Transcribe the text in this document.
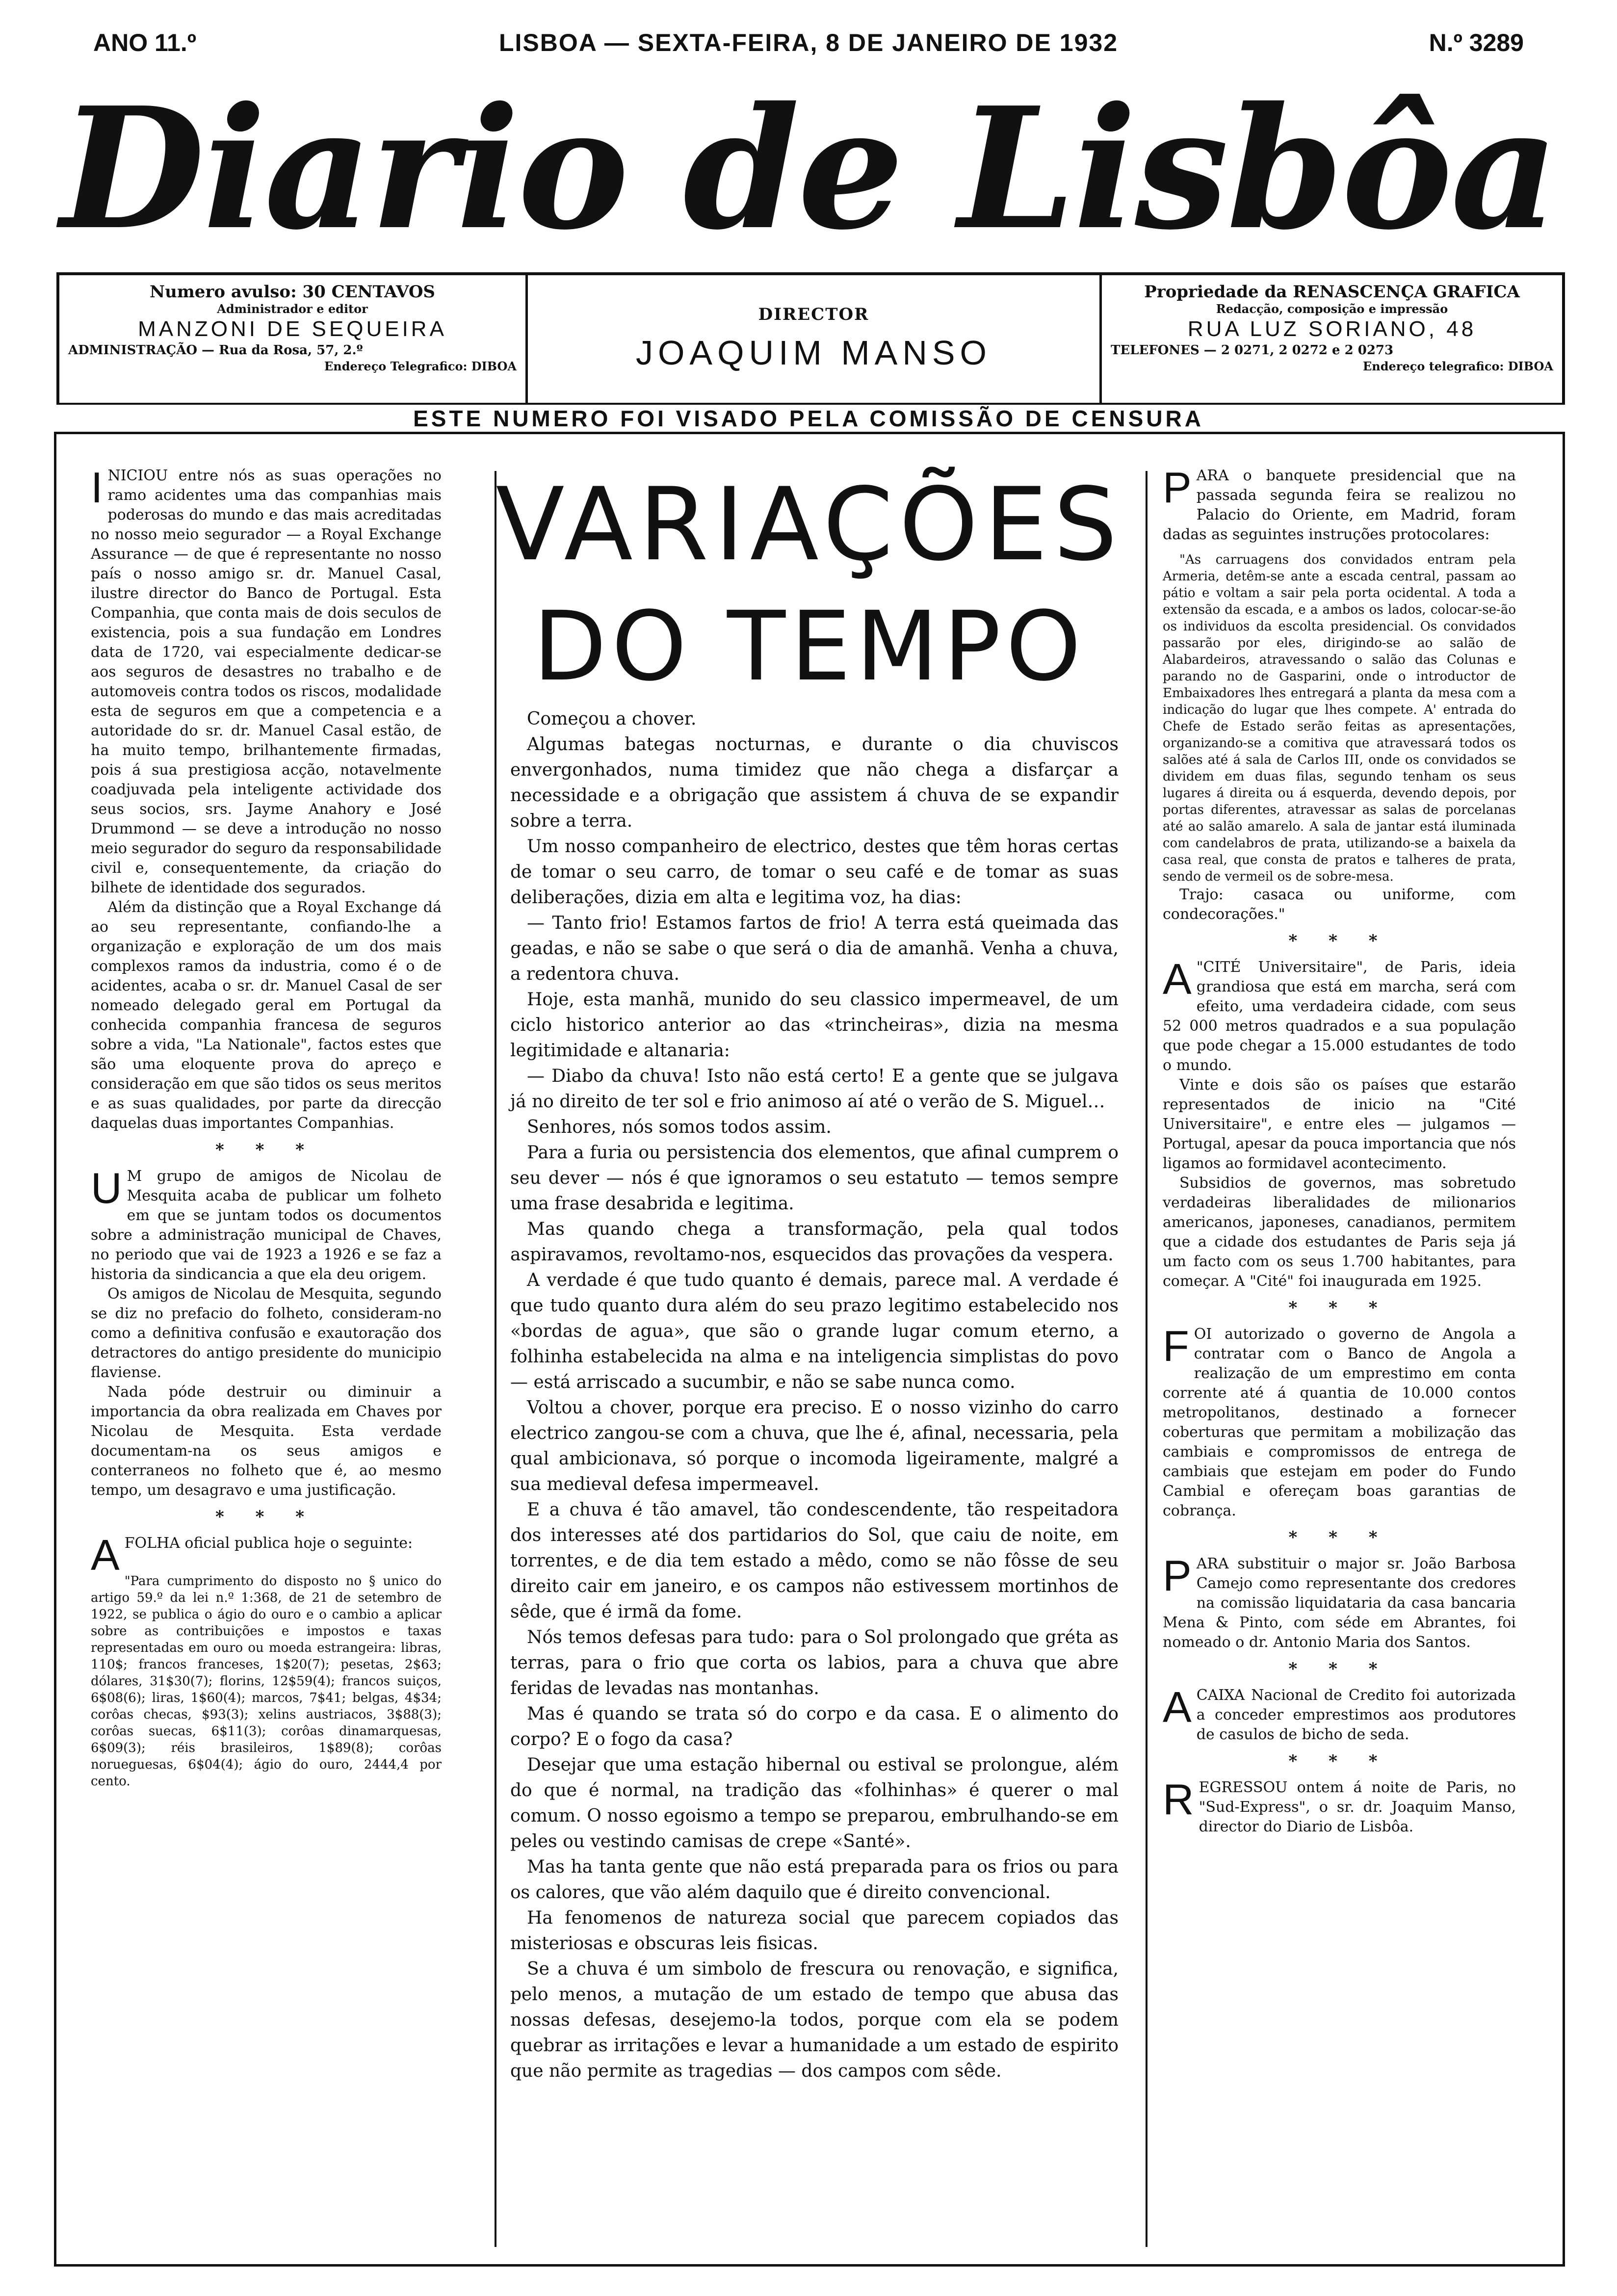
ANO 11.º	LISBOA — SEXTA-FEIRA, 8 DE JANEIRO DE 1932	N.º 3289
Diario de Lisbôa
Numero avulso: 30 CENTAVOS
Administrador e editor
MANZONI DE SEQUEIRA
ADMINISTRAÇÃO — Rua da Rosa, 57, 2.º
Endereço Telegrafico: DIBOA
DIRECTOR
JOAQUIM MANSO
Propriedade da RENASCENÇA GRAFICA
Redacção, composição e impressão
RUA LUZ SORIANO, 48
TELEFONES — 2 0271, 2 0272 e 2 0273
Endereço telegrafico: DIBOA
ESTE NUMERO FOI VISADO PELA COMISSÃO DE CENSURA

INICIOU entre nós as suas operações no ramo acidentes uma das companhias mais poderosas do mundo e das mais acreditadas no nosso meio segurador — a Royal Exchange Assurance — de que é representante no nosso país o nosso amigo sr. dr. Manuel Casal, ilustre director do Banco de Portugal. Esta Companhia, que conta mais de dois seculos de existencia, pois a sua fundação em Londres data de 1720, vai especialmente dedicar-se aos seguros de desastres no trabalho e de automoveis contra todos os riscos, modalidade esta de seguros em que a competencia e a autoridade do sr. dr. Manuel Casal estão, de ha muito tempo, brilhantemente firmadas, pois á sua prestigiosa acção, notavelmente coadjuvada pela inteligente actividade dos seus socios, srs. Jayme Anahory e José Drummond — se deve a introdução no nosso meio segurador do seguro da responsabilidade civil e, consequentemente, da criação do bilhete de identidade dos segurados.

Além da distinção que a Royal Exchange dá ao seu representante, confiando-lhe a organização e exploração de um dos mais complexos ramos da industria, como é o de acidentes, acaba o sr. dr. Manuel Casal de ser nomeado delegado geral em Portugal da conhecida companhia francesa de seguros sobre a vida, "La Nationale", factos estes que são uma eloquente prova do apreço e consideração em que são tidos os seus meritos e as suas qualidades, por parte da direcção daquelas duas importantes Companhias.

* * *

U M grupo de amigos de Nicolau de Mesquita acaba de publicar um folheto em que se juntam todos os documentos sobre a administração municipal de Chaves, no periodo que vai de 1923 a 1926 e se faz a historia da sindicancia a que ela deu origem.

Os amigos de Nicolau de Mesquita, segundo se diz no prefacio do folheto, consideram-no como a definitiva confusão e exautoração dos detractores do antigo presidente do municipio flaviense.

Nada póde destruir ou diminuir a importancia da obra realizada em Chaves por Nicolau de Mesquita. Esta verdade documentam-na os seus amigos e conterraneos no folheto que é, ao mesmo tempo, um desagravo e uma justificação.

* * *

AFOLHA oficial publica hoje o seguinte:

"Para cumprimento do disposto no § unico do artigo 59.º da lei n.º 1:368, de 21 de setembro de 1922, se publica o ágio do ouro e o cambio a aplicar sobre as contribuições e impostos e taxas representadas em ouro ou moeda estrangeira: libras, 110$; francos franceses, 1$20(7); pesetas, 2$63; dólares, 31$30(7); florins, 12$59(4); francos suiços, 6$08(6); liras, 1$60(4); marcos, 7$41; belgas, 4$34; corôas checas, $93(3); xelins austriacos, 3$88(3); corôas suecas, 6$11(3); corôas dinamarquesas, 6$09(3); réis brasileiros, 1$89(8); corôas norueguesas, 6$04(4); ágio do ouro, 2444,4 por cento.

VARIAÇÕES
DO TEMPO

Começou a chover.

Algumas bategas nocturnas, e durante o dia chuviscos envergonhados, numa timidez que não chega a disfarçar a necessidade e a obrigação que assistem á chuva de se expandir sobre a terra.

Um nosso companheiro de electrico, destes que têm horas certas de tomar o seu carro, de tomar o seu café e de tomar as suas deliberações, dizia em alta e legitima voz, ha dias:

— Tanto frio! Estamos fartos de frio! A terra está queimada das geadas, e não se sabe o que será o dia de amanhã. Venha a chuva, a redentora chuva.

Hoje, esta manhã, munido do seu classico impermeavel, de um ciclo historico anterior ao das «trincheiras», dizia na mesma legitimidade e altanaria:

— Diabo da chuva! Isto não está certo! E a gente que se julgava já no direito de ter sol e frio animoso aí até o verão de S. Miguel…

Senhores, nós somos todos assim.

Para a furia ou persistencia dos elementos, que afinal cumprem o seu dever — nós é que ignoramos o seu estatuto — temos sempre uma frase desabrida e legitima.

Mas quando chega a transformação, pela qual todos aspiravamos, revoltamo-nos, esquecidos das provações da vespera.

A verdade é que tudo quanto é demais, parece mal. A verdade é que tudo quanto dura além do seu prazo legitimo estabelecido nos «bordas de agua», que são o grande lugar comum eterno, a folhinha estabelecida na alma e na inteligencia simplistas do povo — está arriscado a sucumbir, e não se sabe nunca como.

Voltou a chover, porque era preciso. E o nosso vizinho do carro electrico zangou-se com a chuva, que lhe é, afinal, necessaria, pela qual ambicionava, só porque o incomoda ligeiramente, malgré a sua medieval defesa impermeavel.

E a chuva é tão amavel, tão condescendente, tão respeitadora dos interesses até dos partidarios do Sol, que caiu de noite, em torrentes, e de dia tem estado a mêdo, como se não fôsse de seu direito cair em janeiro, e os campos não estivessem mortinhos de sêde, que é irmã da fome.

Nós temos defesas para tudo: para o Sol prolongado que gréta as terras, para o frio que corta os labios, para a chuva que abre feridas de levadas nas montanhas.

Mas é quando se trata só do corpo e da casa. E o alimento do corpo? E o fogo da casa?

Desejar que uma estação hibernal ou estival se prolongue, além do que é normal, na tradição das «folhinhas» é querer o mal comum. O nosso egoismo a tempo se preparou, embrulhando-se em peles ou vestindo camisas de crepe «Santé».

Mas ha tanta gente que não está preparada para os frios ou para os calores, que vão além daquilo que é direito convencional.

Ha fenomenos de natureza social que parecem copiados das misteriosas e obscuras leis fisicas.

Se a chuva é um simbolo de frescura ou renovação, e significa, pelo menos, a mutação de um estado de tempo que abusa das nossas defesas, desejemo-la todos, porque com ela se podem quebrar as irritações e levar a humanidade a um estado de espirito que não permite as tragedias — dos campos com sêde.

PARA o banquete presidencial que na passada segunda feira se realizou no Palacio do Oriente, em Madrid, foram dadas as seguintes instruções protocolares:

"As carruagens dos convidados entram pela Armeria, detêm-se ante a escada central, passam ao pátio e voltam a sair pela porta ocidental. A toda a extensão da escada, e a ambos os lados, colocar-se-ão os individuos da escolta presidencial. Os convidados passarão por eles, dirigindo-se ao salão de Alabardeiros, atravessando o salão das Colunas e parando no de Gasparini, onde o introductor de Embaixadores lhes entregará a planta da mesa com a indicação do lugar que lhes compete. A' entrada do Chefe de Estado serão feitas as apresentações, organizando-se a comitiva que atravessará todos os salões até á sala de Carlos III, onde os convidados se dividem em duas filas, segundo tenham os seus lugares á direita ou á esquerda, devendo depois, por portas diferentes, atravessar as salas de porcelanas até ao salão amarelo. A sala de jantar está iluminada com candelabros de prata, utilizando-se a baixela da casa real, que consta de pratos e talheres de prata, sendo de vermeil os de sobre-mesa.

Trajo: casaca ou uniforme, com condecorações."

* * *

A "CITÉ Universitaire", de Paris, ideia grandiosa que está em marcha, será com efeito, uma verdadeira cidade, com seus 52 000 metros quadrados e a sua população que pode chegar a 15.000 estudantes de todo o mundo.

Vinte e dois são os países que estarão representados de inicio na "Cité Universitaire", e entre eles — julgamos — Portugal, apesar da pouca importancia que nós ligamos ao formidavel acontecimento.

Subsidios de governos, mas sobretudo verdadeiras liberalidades de milionarios americanos, japoneses, canadianos, permitem que a cidade dos estudantes de Paris seja já um facto com os seus 1.700 habitantes, para começar. A "Cité" foi inaugurada em 1925.

* * *

FOI autorizado o governo de Angola a contratar com o Banco de Angola a realização de um emprestimo em conta corrente até á quantia de 10.000 contos metropolitanos, destinado a fornecer coberturas que permitam a mobilização das cambiais e compromissos de entrega de cambiais que estejam em poder do Fundo Cambial e ofereçam boas garantias de cobrança.

* * *

PARA substituir o major sr. João Barbosa Camejo como representante dos credores na comissão liquidataria da casa bancaria Mena & Pinto, com séde em Abrantes, foi nomeado o dr. Antonio Maria dos Santos.

* * *

ACAIXA Nacional de Credito foi autorizada a conceder emprestimos aos produtores de casulos de bicho de seda.

* * *

REGRESSOU ontem á noite de Paris, no "Sud-Express", o sr. dr. Joaquim Manso, director do Diario de Lisbôa.
